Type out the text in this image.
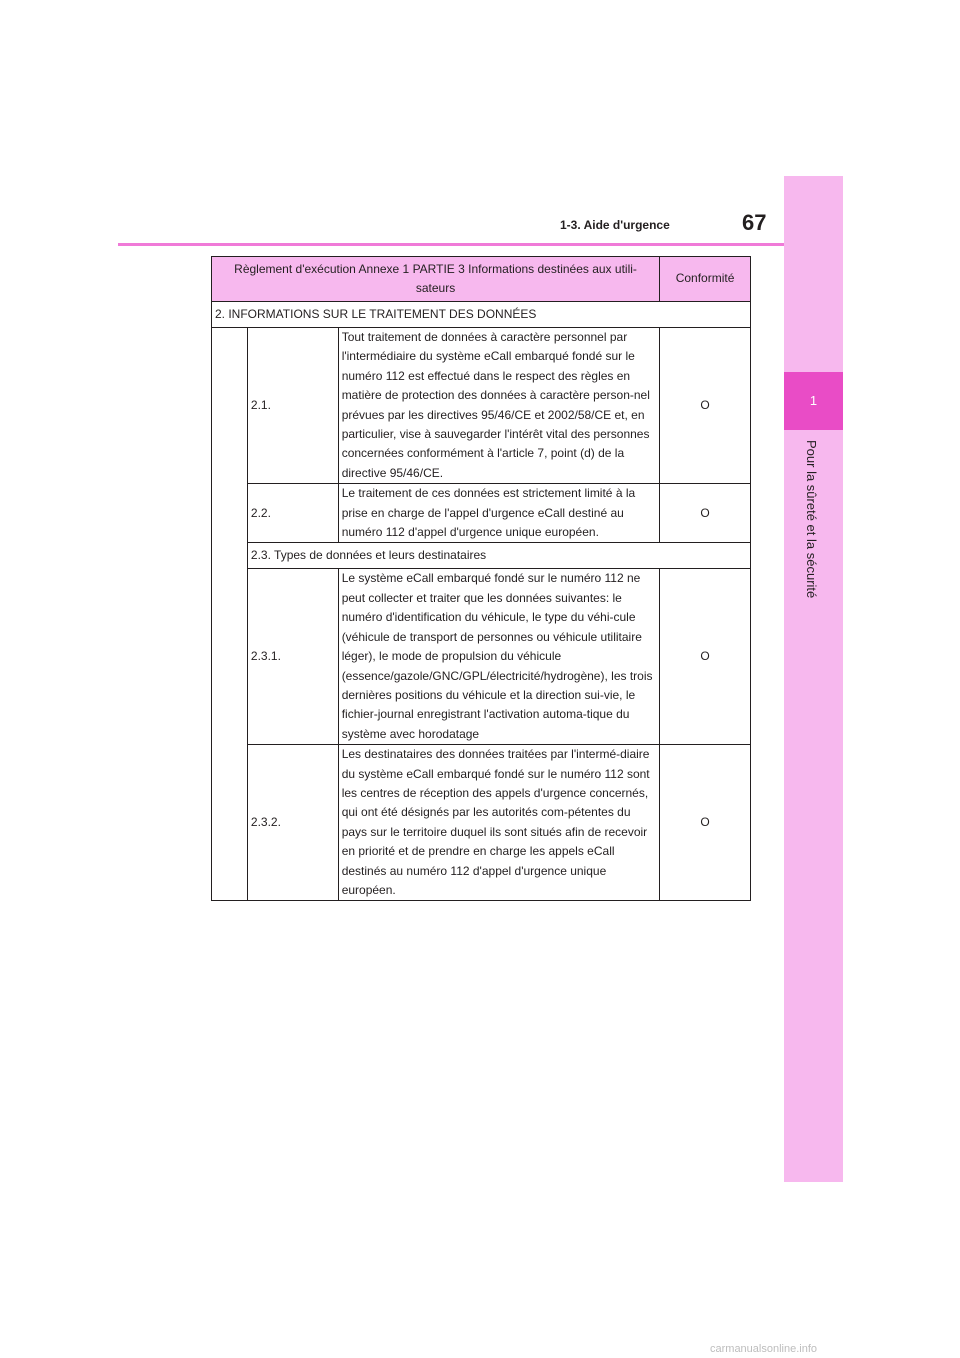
1-3. Aide d'urgence	67
1
Pour la sûreté et la sécurité
Règlement d'exécution Annexe 1 PARTIE 3 Informations destinées aux utili-sateurs			Conformité
2. INFORMATIONS SUR LE TRAITEMENT DES DONNÉES			
	2.1.	Tout traitement de données à caractère personnel par l'intermédiaire du système eCall embarqué fondé sur le numéro 112 est effectué dans le respect des règles en matière de protection des données à caractère person-nel prévues par les directives 95/46/CE et 2002/58/CE et, en particulier, vise à sauvegarder l'intérêt vital des personnes concernées conformément à l'article 7, point (d) de la directive 95/46/CE.	O
	2.2.	Le traitement de ces données est strictement limité à la prise en charge de l'appel d'urgence eCall destiné au numéro 112 d'appel d'urgence unique européen.	O
	2.3. Types de données et leurs destinataires		
	2.3.1.	Le système eCall embarqué fondé sur le numéro 112 ne peut collecter et traiter que les données suivantes: le numéro d'identification du véhicule, le type du véhi-cule (véhicule de transport de personnes ou véhicule utilitaire léger), le mode de propulsion du véhicule (essence/gazole/GNC/GPL/électricité/hydrogène), les trois dernières positions du véhicule et la direction sui-vie, le fichier-journal enregistrant l'activation automa-tique du système avec horodatage	O
	2.3.2.	Les destinataires des données traitées par l'intermé-diaire du système eCall embarqué fondé sur le numéro 112 sont les centres de réception des appels d'urgence concernés, qui ont été désignés par les autorités com-pétentes du pays sur le territoire duquel ils sont situés afin de recevoir en priorité et de prendre en charge les appels eCall destinés au numéro 112 d'appel d'urgence unique européen.	O
carmanualsonline.info
